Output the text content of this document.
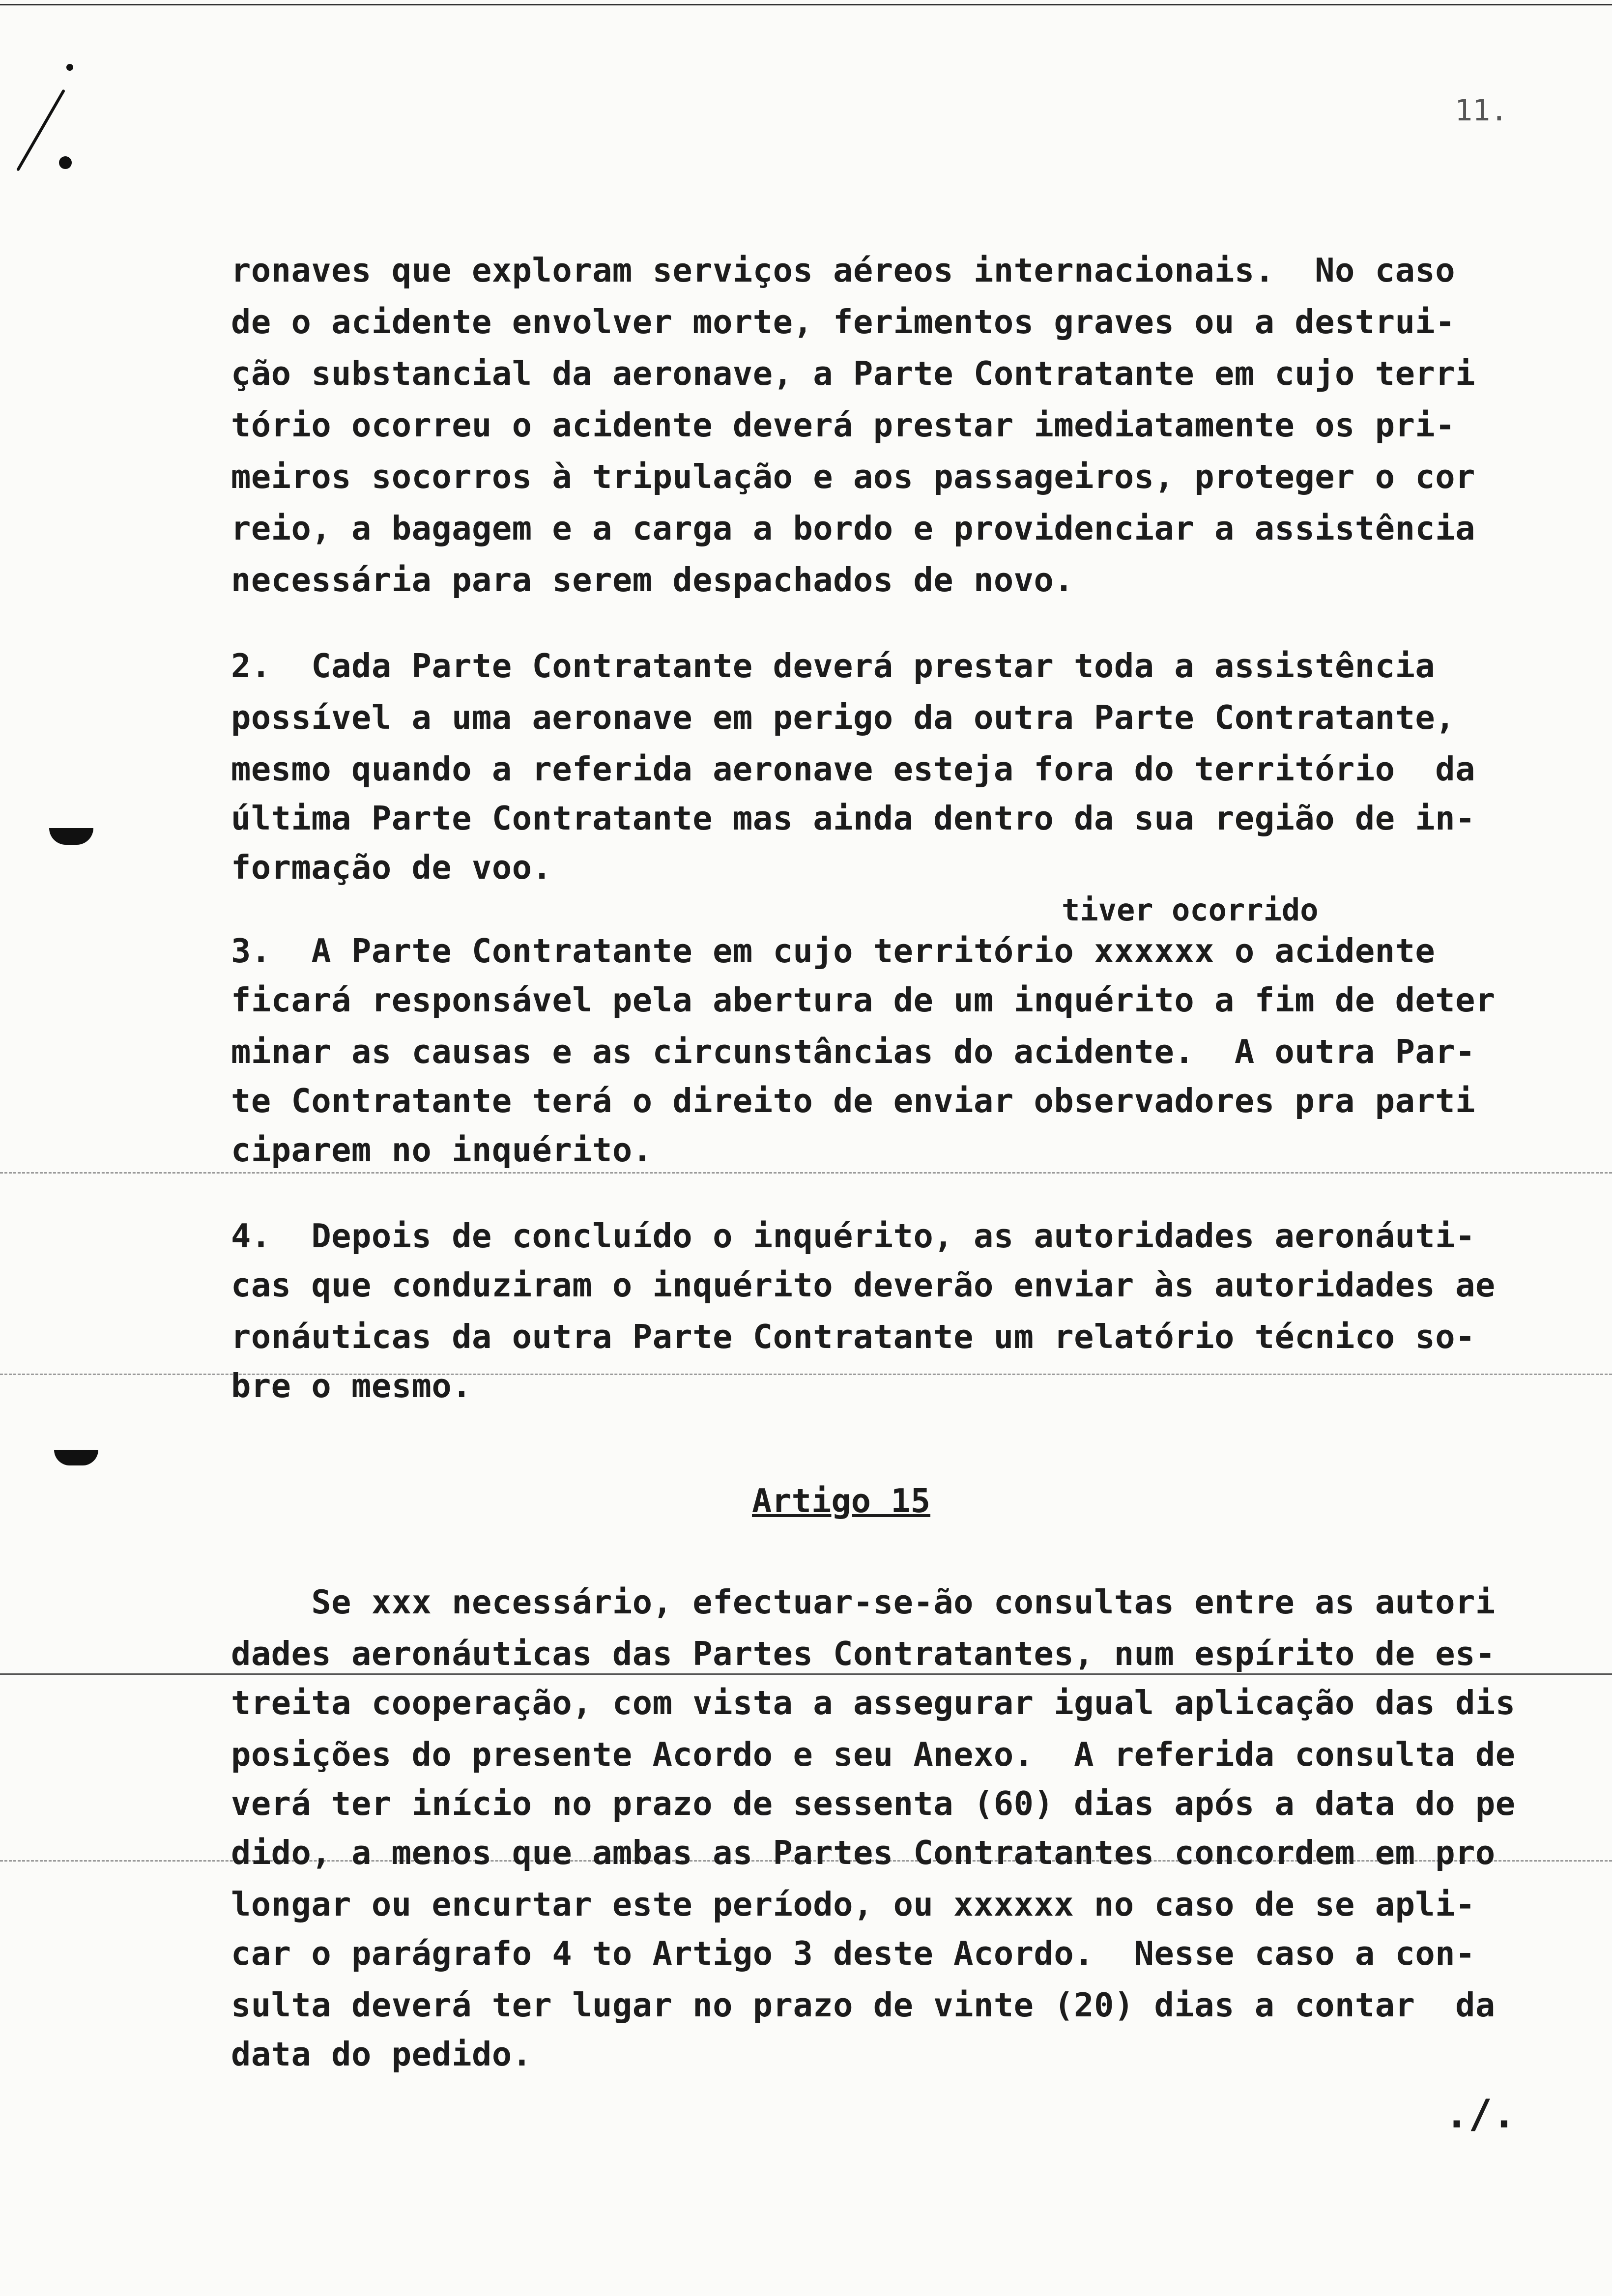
11.
ronaves que exploram serviços aéreos internacionais.  No caso
de o acidente envolver morte, ferimentos graves ou a destrui-
ção substancial da aeronave, a Parte Contratante em cujo terri
tório ocorreu o acidente deverá prestar imediatamente os pri-
meiros socorros à tripulação e aos passageiros, proteger o cor
reio, a bagagem e a carga a bordo e providenciar a assistência
necessária para serem despachados de novo.
2.  Cada Parte Contratante deverá prestar toda a assistência
possível a uma aeronave em perigo da outra Parte Contratante,
mesmo quando a referida aeronave esteja fora do território  da
última Parte Contratante mas ainda dentro da sua região de in-
formação de voo.
tiver ocorrido
3.  A Parte Contratante em cujo território xxxxxx o acidente
ficará responsável pela abertura de um inquérito a fim de deter
minar as causas e as circunstâncias do acidente.  A outra Par-
te Contratante terá o direito de enviar observadores pra parti
ciparem no inquérito.
4.  Depois de concluído o inquérito, as autoridades aeronáuti-
cas que conduziram o inquérito deverão enviar às autoridades ae
ronáuticas da outra Parte Contratante um relatório técnico so-
bre o mesmo.
Artigo 15
Se xxx necessário, efectuar-se-ão consultas entre as autori
dades aeronáuticas das Partes Contratantes, num espírito de es-
treita cooperação, com vista a assegurar igual aplicação das dis
posições do presente Acordo e seu Anexo.  A referida consulta de
verá ter início no prazo de sessenta (60) dias após a data do pe
dido, a menos que ambas as Partes Contratantes concordem em pro
longar ou encurtar este período, ou xxxxxx no caso de se apli-
car o parágrafo 4 to Artigo 3 deste Acordo.  Nesse caso a con-
sulta deverá ter lugar no prazo de vinte (20) dias a contar  da
data do pedido.
./.
